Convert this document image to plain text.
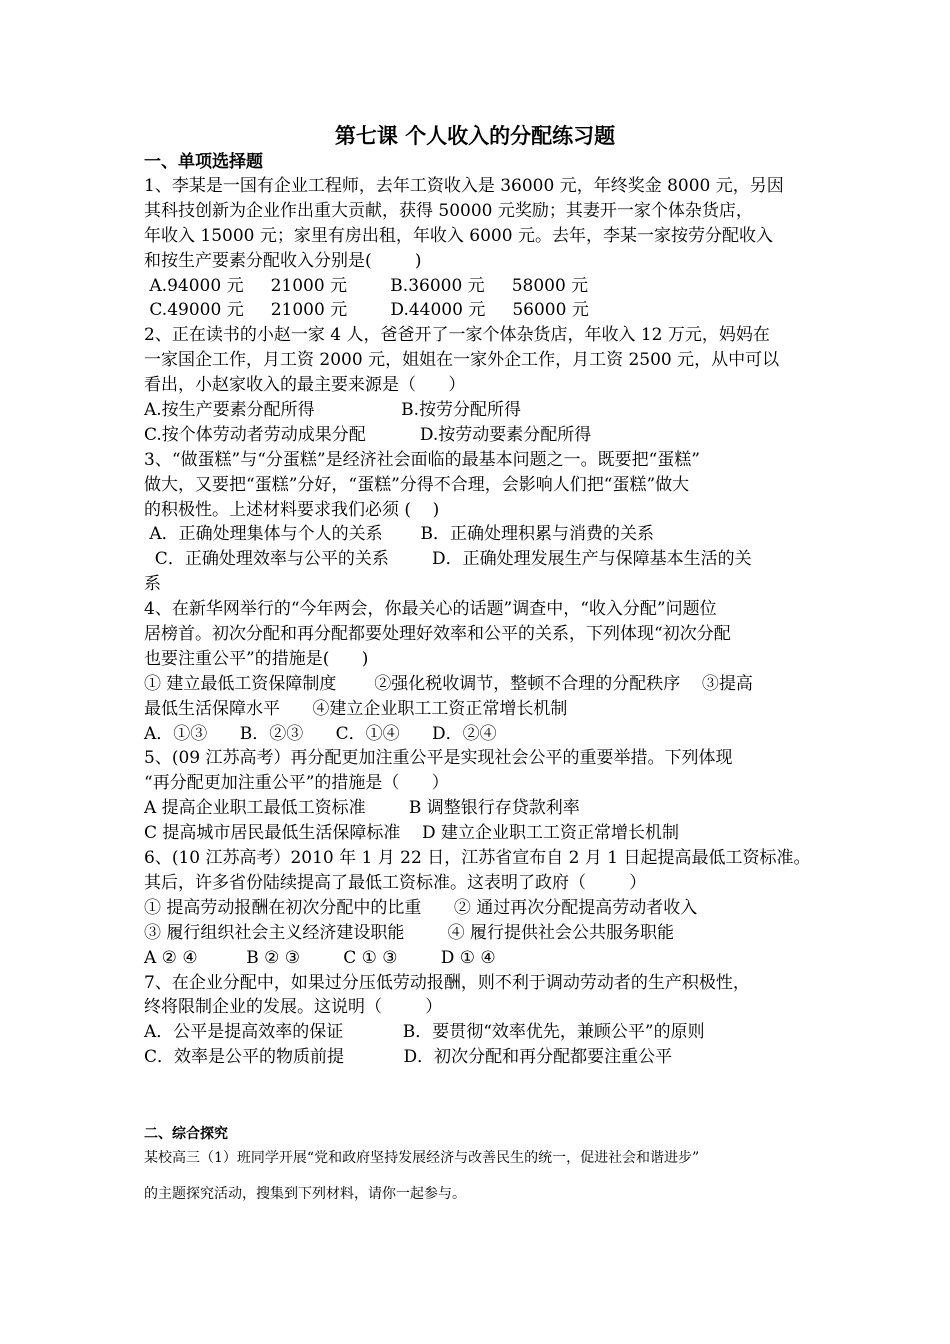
第七课 个人收入的分配练习题
一、单项选择题
1、李某是一国有企业工程师，去年工资收入是 36000 元，年终奖金 8000 元，另因
其科技创新为企业作出重大贡献，获得 50000 元奖励；其妻开一家个体杂货店，
年收入 15000 元；家里有房出租，年收入 6000 元。去年，李某一家按劳分配收入
和按生产要素分配收入分别是(        )
A.94000 元     21000 元        B.36000 元     58000 元
C.49000 元     21000 元        D.44000 元     56000 元
2、正在读书的小赵一家 4 人，爸爸开了一家个体杂货店，年收入 12 万元，妈妈在
一家国企工作，月工资 2000 元，姐姐在一家外企工作，月工资 2500 元，从中可以
看出，小赵家收入的最主要来源是（      ）
A.按生产要素分配所得                B.按劳分配所得
C.按个体劳动者劳动成果分配          D.按劳动要素分配所得
3、“做蛋糕”与“分蛋糕”是经济社会面临的最基本问题之一。既要把“蛋糕”
做大，又要把“蛋糕”分好，“蛋糕”分得不合理，会影响人们把“蛋糕”做大
的积极性。上述材料要求我们必须 (    )
A．正确处理集体与个人的关系       B．正确处理积累与消费的关系
C．正确处理效率与公平的关系        D．正确处理发展生产与保障基本生活的关
系
4、在新华网举行的“今年两会，你最关心的话题”调查中，“收入分配”问题位
居榜首。初次分配和再分配都要处理好效率和公平的关系，下列体现“初次分配
也要注重公平”的措施是(      )
① 建立最低工资保障制度       ②强化税收调节，整顿不合理的分配秩序    ③提高
最低生活保障水平      ④建立企业职工工资正常增长机制
A．①③      B．②③      C．①④      D．②④
5、(09 江苏高考）再分配更加注重公平是实现社会公平的重要举措。下列体现
“再分配更加注重公平”的措施是（      ）
A 提高企业职工最低工资标准        B 调整银行存贷款利率
C 提高城市居民最低生活保障标准    D 建立企业职工工资正常增长机制
6、(10 江苏高考）2010 年 1 月 22 日，江苏省宣布自 2 月 1 日起提高最低工资标准。
其后，许多省份陆续提高了最低工资标准。这表明了政府（        ）
① 提高劳动报酬在初次分配中的比重      ② 通过再次分配提高劳动者收入
③ 履行组织社会主义经济建设职能        ④ 履行提供社会公共服务职能
A ② ④         B ② ③        C ① ③        D ① ④
7、在企业分配中，如果过分压低劳动报酬，则不利于调动劳动者的生产积极性，
终将限制企业的发展。这说明（        ）
A．公平是提高效率的保证           B．要贯彻“效率优先，兼顾公平”的原则
C．效率是公平的物质前提           D．初次分配和再分配都要注重公平
二、综合探究
某校高三（1）班同学开展“党和政府坚持发展经济与改善民生的统一，促进社会和谐进步”
的主题探究活动，搜集到下列材料，请你一起参与。
